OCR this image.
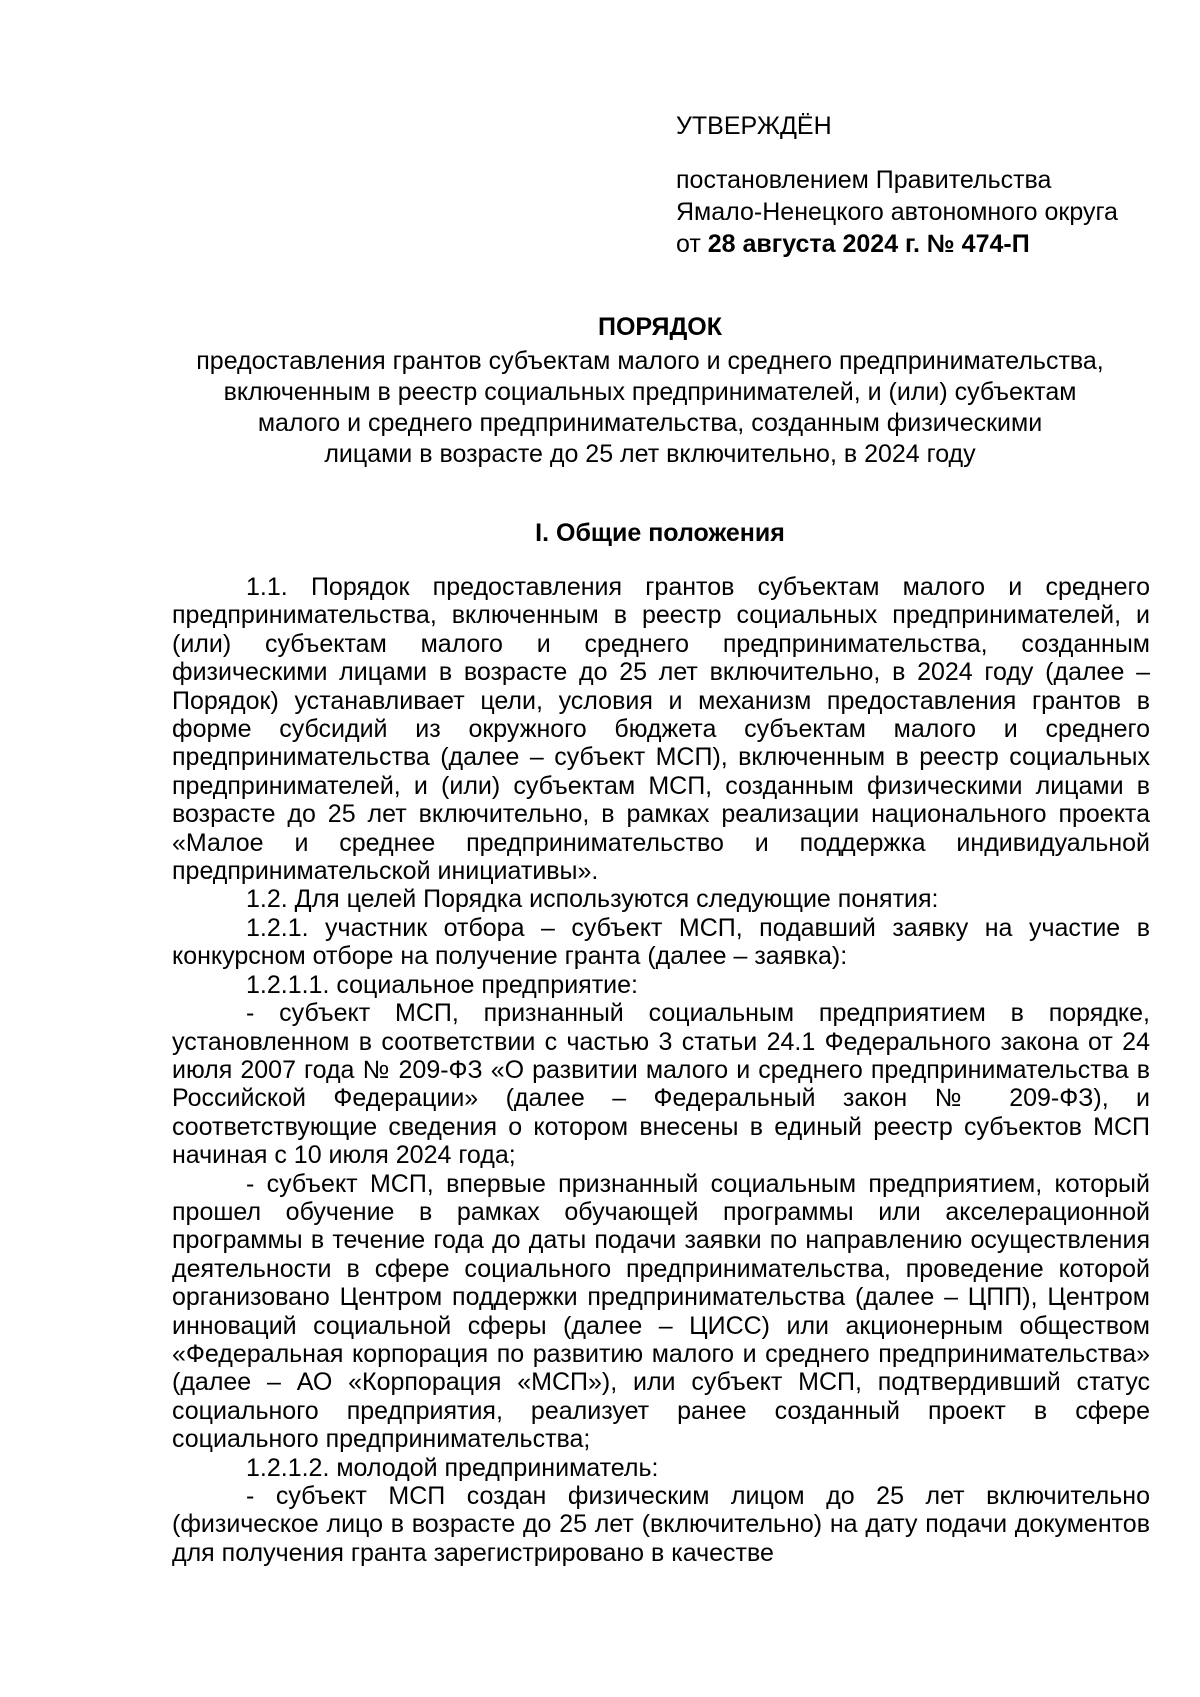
УТВЕРЖДЁН
постановлением Правительства
Ямало-Ненецкого автономного округа
от 28 августа 2024 г. № 474-П
ПОРЯДОК
предоставления грантов субъектам малого и среднего предпринимательства,
включенным в реестр социальных предпринимателей, и (или) субъектам
малого и среднего предпринимательства, созданным физическими
лицами в возрасте до 25 лет включительно, в 2024 году
I. Общие положения

1.1. Порядок предоставления грантов субъектам малого и среднего предпринимательства, включенным в реестр социальных предпринимателей, и (или) субъектам малого и среднего предпринимательства, созданным физическими лицами в возрасте до 25 лет включительно, в 2024 году (далее – Порядок) устанавливает цели, условия и механизм предоставления грантов в форме субсидий из окружного бюджета субъектам малого и среднего предпринимательства (далее – субъект МСП), включенным в реестр социальных предпринимателей, и (или) субъектам МСП, созданным физическими лицами в возрасте до 25 лет включительно, в рамках реализации национального проекта «Малое и среднее предпринимательство и поддержка индивидуальной предпринимательской инициативы».

1.2. Для целей Порядка используются следующие понятия:

1.2.1. участник отбора – субъект МСП, подавший заявку на участие в конкурсном отборе на получение гранта (далее – заявка):

1.2.1.1. социальное предприятие:

- субъект МСП, признанный социальным предприятием в порядке, установленном в соответствии с частью 3 статьи 24.1 Федерального закона от 24 июля 2007 года № 209-ФЗ «О развитии малого и среднего предпринимательства в Российской Федерации» (далее – Федеральный закон № 209-ФЗ), и соответствующие сведения о котором внесены в единый реестр субъектов МСП начиная с 10 июля 2024 года;

- субъект МСП, впервые признанный социальным предприятием, который прошел обучение в рамках обучающей программы или акселерационной программы в течение года до даты подачи заявки по направлению осуществления деятельности в сфере социального предпринимательства, проведение которой организовано Центром поддержки предпринимательства (далее – ЦПП), Центром инноваций социальной сферы (далее – ЦИСС) или акционерным обществом «Федеральная корпорация по развитию малого и среднего предпринимательства» (далее – АО «Корпорация «МСП»), или субъект МСП, подтвердивший статус социального предприятия, реализует ранее созданный проект в сфере социального предпринимательства;

1.2.1.2. молодой предприниматель:

- субъект МСП создан физическим лицом до 25 лет включительно (физическое лицо в возрасте до 25 лет (включительно) на дату подачи документов для получения гранта зарегистрировано в качестве
